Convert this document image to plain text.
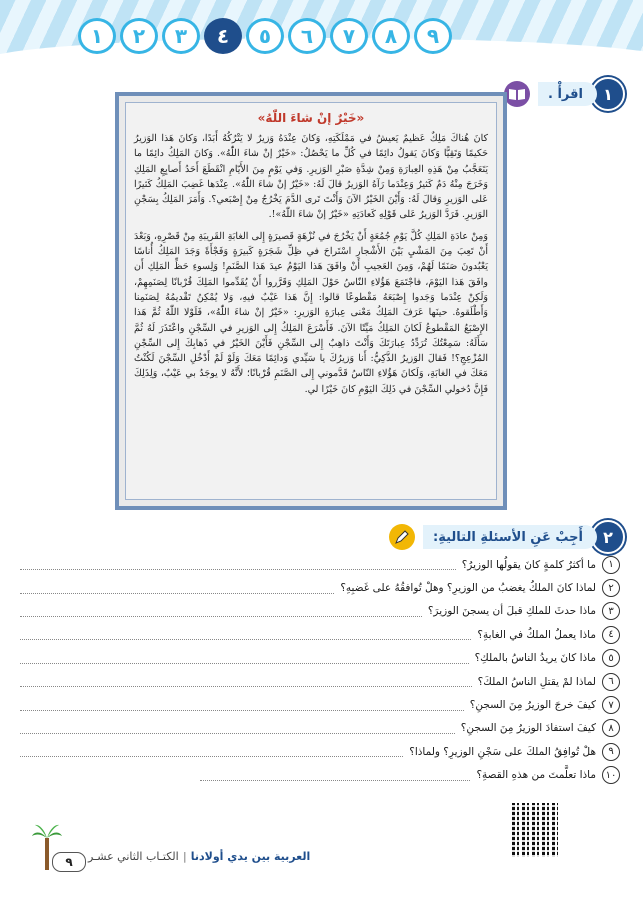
١	٢	٣	٤	٥	٦	٧	٨	٩
١
اقرأْ .
«خَيْرٌ إنْ شاءَ اللّٰهُ»

كانَ هُناكَ مَلِكٌ عَظيمٌ يَعيشُ في مَمْلَكَتِهِ، وَكانَ عِنْدَهُ وَزيرٌ لا يَتْرُكُهُ أَبَدًا، وَكانَ هَذا الوَزيرُ حَكيمًا وَتَقِيًّا وَكانَ يَقولُ دائِمًا في كُلِّ ما يَحْصُلُ: «خَيْرٌ إنْ شاءَ اللّٰهُ». وَكانَ المَلِكُ دائِمًا ما يَتَعَجَّبُ مِنْ هَذِهِ العِبارَةِ وَمِنْ شِدَّةِ صَبْرِ الوَزيرِ. وَفي يَوْمٍ مِنَ الأَيّامِ انْقَطَعَ أَحَدُ أَصابِعِ المَلِكِ وَخَرَجَ مِنْهُ دَمٌ كَثيرٌ وَعِنْدَما رَآهُ الوَزيرُ قالَ لَهُ: «خَيْرٌ إنْ شاءَ اللّٰهُ». عِنْدَها غَضِبَ المَلِكُ كَثيرًا عَلى الوَزيرِ وَقالَ لَهُ: وَأَيْنَ الخَيْرُ الآنَ وَأَنْتَ تَرى الدَّمَ يَخْرُجُ مِنْ إِصْبَعي؟. وَأَمَرَ المَلِكُ بِسَجْنِ الوَزيرِ. فَرَدَّ الوَزيرُ عَلى قَوْلِهِ كَعادَتِهِ «خَيْرٌ إنْ شاءَ اللّٰهُ»!.

وَمِنْ عادَةِ المَلِكِ كُلَّ يَوْمِ جُمُعَةٍ أَنْ يَخْرُجَ في نُزْهَةٍ قَصيرَةٍ إِلى الغابَةِ القَريبَةِ مِنْ قَصْرِهِ، وَبَعْدَ أَنْ تَعِبَ مِنَ المَشْيِ بَيْنَ الأَشْجارِ اسْتَراحَ في ظِلِّ شَجَرَةٍ كَبيرَةٍ وَفَجْأَةً وَجَدَ المَلِكُ أُناسًا يَعْبُدونَ صَنَمًا لَهُمْ، وَمِنَ العَجيبِ أَنْ وافَقَ هَذا اليَوْمُ عيدَ هَذا الصَّنَمِ! وَلِسوءِ حَظِّ المَلِكِ أَن وافَقَ هَذا اليَوْمَ، فاجْتَمَعَ هَؤُلاءِ النّاسُ حَوْلَ المَلِكِ وَقَرَّروا أَنْ يُقَدِّموا المَلِكَ قُرْبانًا لِصَنَمِهِمْ، وَلَكِنْ عِنْدَما وَجَدوا إِصْبَعَهُ مَقْطوعًا قالوا: إِنَّ هَذا عَيْبٌ فيهِ، وَلا يُمْكِنُ تَقْديمُهُ لِصَنَمِنا وَأَطْلَقوهُ. حينَها عَرَفَ المَلِكُ مَعْنى عِبارَةِ الوَزيرِ: «خَيْرٌ إنْ شاءَ اللّٰهُ»، فَلَوْلا اللّٰهُ ثُمَّ هَذا الإِصْبَعُ المَقْطوعُ لَكانَ المَلِكُ مَيِّتًا الآنَ. فَأَسْرَعَ المَلِكُ إِلى الوَزيرِ في السِّجْنِ واعْتَذَرَ لَهُ ثُمَّ سَأَلَهُ: سَمِعْتُكَ تُرَدِّدُ عِبارَتَكَ وَأَنْتَ ذاهِبٌ إِلى السِّجْنِ فَأَيْنَ الخَيْرُ في ذَهابِكَ إِلى السِّجْنِ المُزْعِجِ؟! فَقالَ الوَزيرُ الذَّكِيُّ: أَنا وَزيرُكَ يا سَيِّدي وَدائِمًا مَعَكَ وَلَوْ لَمْ أَدْخُلِ السِّجْنَ لَكُنْتُ مَعَكَ في الغابَةِ، وَلَكانَ هَؤُلاءِ النّاسُ قَدَّموني إِلى الصَّنَمِ قُرْبانًا؛ لأَنَّهُ لا يوجَدُ بي عَيْبٌ، وَلِذَلِكَ فَإِنَّ دُخولي السِّجْنَ في ذَلِكَ اليَوْمِ كانَ خَيْرًا لي.

٢
أَجِبْ عَنِ الأسئلةِ التاليةِ:
١
ما أكثرُ كلمةٍ كانَ يقولُها الوزيرُ؟
٢
لماذا كانَ الملكُ يغضبُ من الوزيرِ؟ وهلْ تُوافقُهُ على غَضبِهِ؟
٣
ماذا حدثَ للملكِ قبلَ أن يسجنَ الوزيرَ؟
٤
ماذا يعملُ الملكُ في الغابةِ؟
٥
ماذا كانَ يريدُ الناسُ بالملكِ؟
٦
لماذا لمْ يقتلِ الناسُ الملكَ؟
٧
كيفَ خرجَ الوزيرُ مِنَ السجنِ؟
٨
كيفَ استفادَ الوزيرُ مِنَ السجنِ؟
٩
هلْ تُوافِقُ الملكَ على سَجْنِ الوزيرِ؟ ولماذا؟
١٠
ماذا تعلَّمتَ من هذهِ القصةِ؟
٩	العربية بين يدي أولادنا|الكتـاب الثاني عشـر
